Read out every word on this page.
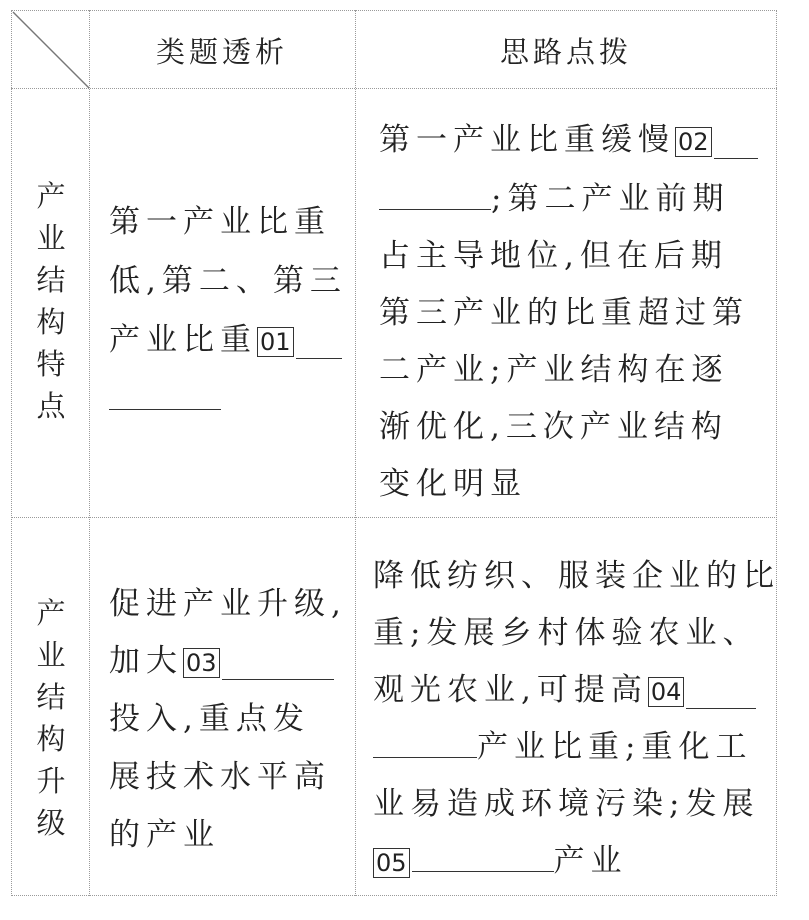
类题透析	思路点拨
产
业
结
构
特
点
第一产业比重
低,第二、第三
产业比重 01
第一产业比重缓慢 02
;第二产业前期
占主导地位,但在后期
第三产业的比重超过第
二产业;产业结构在逐
渐优化,三次产业结构
变化明显
产
业
结
构
升
级
促进产业升级,
加大 03
投入,重点发
展技术水平高
的产业
降低纺织、服装企业的比
重;发展乡村体验农业、
观光农业,可提高 04
产业比重;重化工
业易造成环境污染;发展
05	产业
